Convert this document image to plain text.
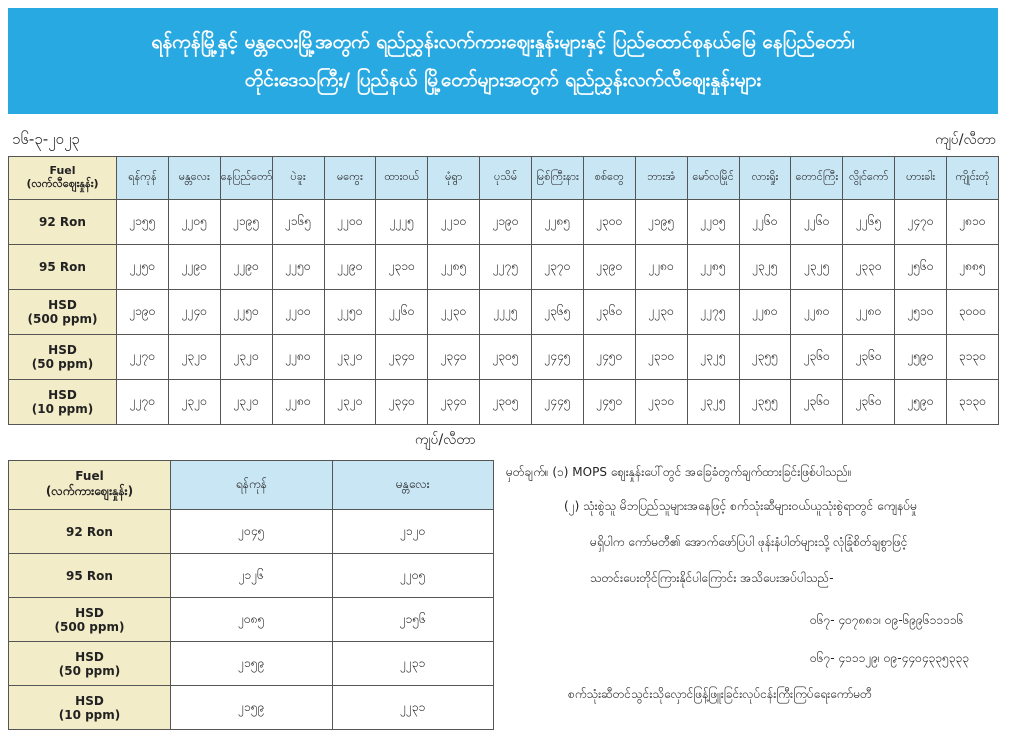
ရန်ကုန်မြို့နှင့် မန္တလေးမြို့အတွက် ရည်ညွှန်းလက်ကားဈေးနှုန်းများနှင့် ပြည်ထောင်စုနယ်မြေ နေပြည်တော်၊
တိုင်းဒေသကြီး/ ပြည်နယ် မြို့တော်များအတွက် ရည်ညွှန်းလက်လီဈေးနှုန်းများ
၁၆-၃-၂၀၂၃	ကျပ်/လီတာ
Fuel
(လက်လီဈေးနှုန်း)	ရန်ကုန်	မန္တလေး	နေပြည်တော်	ပဲခူး	မကွေး	ထားဝယ်	မုံရွာ	ပုသိမ်	မြစ်ကြီးနား	စစ်တွေ	ဘားအံ	မော်လမြိုင်	လားရှိုး	တောင်ကြီး	လွိုင်ကော်	ဟားခါး	ကျိုင်းတုံ

92 Ron	၂၁၅၅	၂၂၀၅	၂၁၉၅	၂၁၆၅	၂၂၀၀	၂၂၂၅	၂၂၁၀	၂၁၉၀	၂၂၈၅	၂၃၀၀	၂၁၉၅	၂၂၀၅	၂၂၆၀	၂၂၆၀	၂၂၆၅	၂၄၇၀	၂၈၁၀

95 Ron	၂၂၅၀	၂၂၉၀	၂၂၉၀	၂၂၅၀	၂၂၉၀	၂၃၁၀	၂၂၈၅	၂၂၇၅	၂၃၇၀	၂၃၉၀	၂၂၈၀	၂၂၈၅	၂၃၂၅	၂၃၂၅	၂၃၃၀	၂၅၆၀	၂၈၈၅

HSD
(500 ppm)	၂၁၉၀	၂၂၄၀	၂၂၅၀	၂၂၀၀	၂၂၅၀	၂၂၆၀	၂၂၃၀	၂၂၂၅	၂၃၆၅	၂၃၆၀	၂၂၃၀	၂၂၇၅	၂၂၈၀	၂၂၈၀	၂၂၈၀	၂၅၁၀	၃၀၀၀

HSD
(50 ppm)	၂၂၇၀	၂၃၂၀	၂၃၂၀	၂၂၈၀	၂၃၂၀	၂၃၄၀	၂၃၄၀	၂၃၀၅	၂၄၄၅	၂၄၅၀	၂၃၁၀	၂၃၂၅	၂၃၅၅	၂၃၆၀	၂၃၆၀	၂၅၉၀	၃၁၃၀

HSD
(10 ppm)	၂၂၇၀	၂၃၂၀	၂၃၂၀	၂၂၈၀	၂၃၂၀	၂၃၄၀	၂၃၄၀	၂၃၀၅	၂၄၄၅	၂၄၅၀	၂၃၁၀	၂၃၂၅	၂၃၅၅	၂၃၆၀	၂၃၆၀	၂၅၉၀	၃၁၃၀
ကျပ်/လီတာ
Fuel
(လက်ကားဈေးနှုန်း)	ရန်ကုန်	မန္တလေး

92 Ron	၂၀၄၅	၂၁၂၀

95 Ron	၂၁၂၆	၂၂၀၅

HSD
(500 ppm)	၂၀၈၅	၂၁၅၆

HSD
(50 ppm)	၂၁၅၉	၂၂၃၁

HSD
(10 ppm)	၂၁၅၉	၂၂၃၁

မှတ်ချက်။ (၁) MOPS ဈေးနှုန်းပေါ်တွင် အခြေခံတွက်ချက်ထားခြင်းဖြစ်ပါသည်။

(၂) သုံးစွဲသူ မိဘပြည်သူများအနေဖြင့် စက်သုံးဆီများဝယ်ယူသုံးစွဲရာတွင် ကျေနပ်မှု

မရှိပါက ကော်မတီ၏ အောက်ဖော်ပြပါ ဖုန်းနံပါတ်များသို့ လုံခြုံစိတ်ချစွာဖြင့်

သတင်းပေးတိုင်ကြားနိုင်ပါကြောင်း အသိပေးအပ်ပါသည်-

၀၆၇- ၄၀၇၈၈၁၊ ၀၉-၆၉၉၆၁၁၁၁၆

၀၆၇- ၄၁၁၁၂၉၊ ၀၉-၄၄၀၄၃၃၅၃၃၃

စက်သုံးဆီတင်သွင်းသိုလှောင်ဖြန့်ဖြူးခြင်းလုပ်ငန်းကြီးကြပ်ရေးကော်မတီ
